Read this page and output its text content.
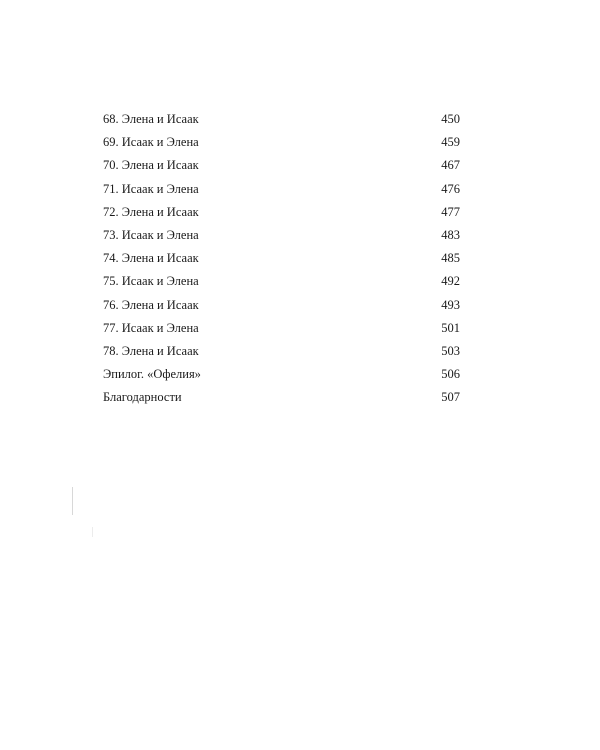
68. Элена и Исаак .....	450
69. Исаак и Элена .....	459
70. Элена и Исаак .....	467
71. Исаак и Элена .....	476
72. Элена и Исаак .....	477
73. Исаак и Элена .....	483
74. Элена и Исаак .....	485
75. Исаак и Элена .....	492
76. Элена и Исаак .....	493
77. Исаак и Элена .....	501
78. Элена и Исаак .....	503
Эпилог. «Офелия» .....	506
Благодарности .....	507
